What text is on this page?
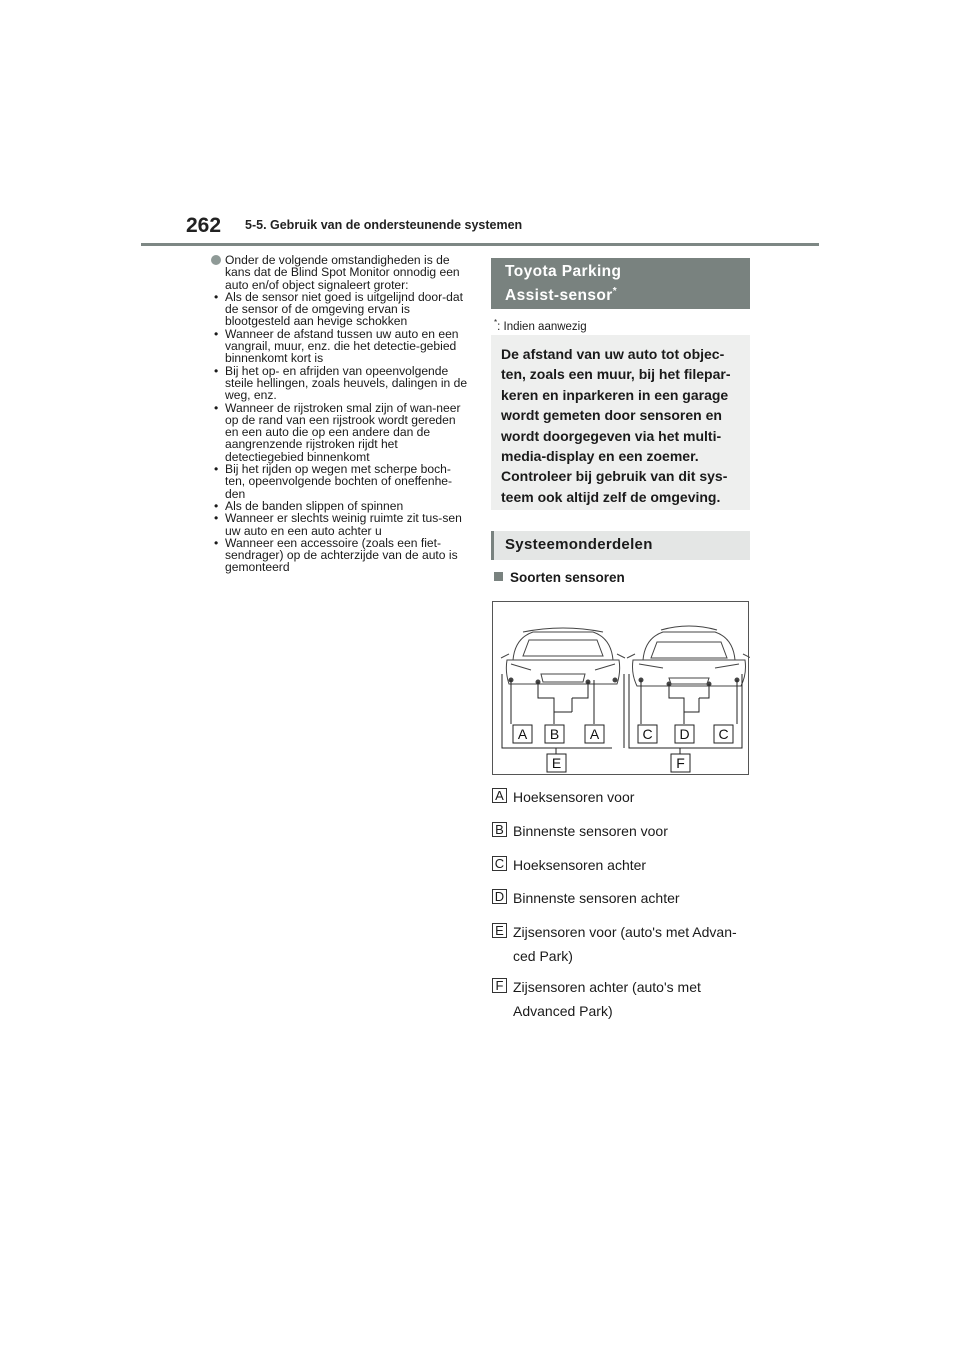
262 5-5. Gebruik van de ondersteunende systemen

Onder de volgende omstandigheden is de kans dat de Blind Spot Monitor onnodig een auto en/of object signaleert groter:

• Als de sensor niet goed is uitgelijnd door-dat de sensor of de omgeving ervan is blootgesteld aan hevige schokken
• Wanneer de afstand tussen uw auto en een vangrail, muur, enz. die het detectie-gebied binnenkomt kort is
• Bij het op- en afrijden van opeenvolgende steile hellingen, zoals heuvels, dalingen in de weg, enz.
• Wanneer de rijstroken smal zijn of wan-neer op de rand van een rijstrook wordt gereden en een auto die op een andere dan de aangrenzende rijstroken rijdt het detectiegebied binnenkomt
• Bij het rijden op wegen met scherpe boch-ten, opeenvolgende bochten of oneffenhe-den
• Als de banden slippen of spinnen
• Wanneer er slechts weinig ruimte zit tus-sen uw auto en een auto achter u
• Wanneer een accessoire (zoals een fiet-sendrager) op de achterzijde van de auto is gemonteerd
Toyota Parking
Assist-sensor*
*: Indien aanwezig
De afstand van uw auto tot objec-ten, zoals een muur, bij het filepar-keren en inparkeren in een garage wordt gemeten door sensoren en wordt doorgegeven via het multi-media-display en een zoemer. Controleer bij gebruik van dit sys-teem ook altijd zelf de omgeving.
Systeemonderdelen
Soorten sensoren
A B A	C D C
E	F
A Hoeksensoren voor
B Binnenste sensoren voor
C Hoeksensoren achter
D Binnenste sensoren achter
E Zijsensoren voor (auto's met Advan-ced Park)
F Zijsensoren achter (auto's met Advanced Park)
